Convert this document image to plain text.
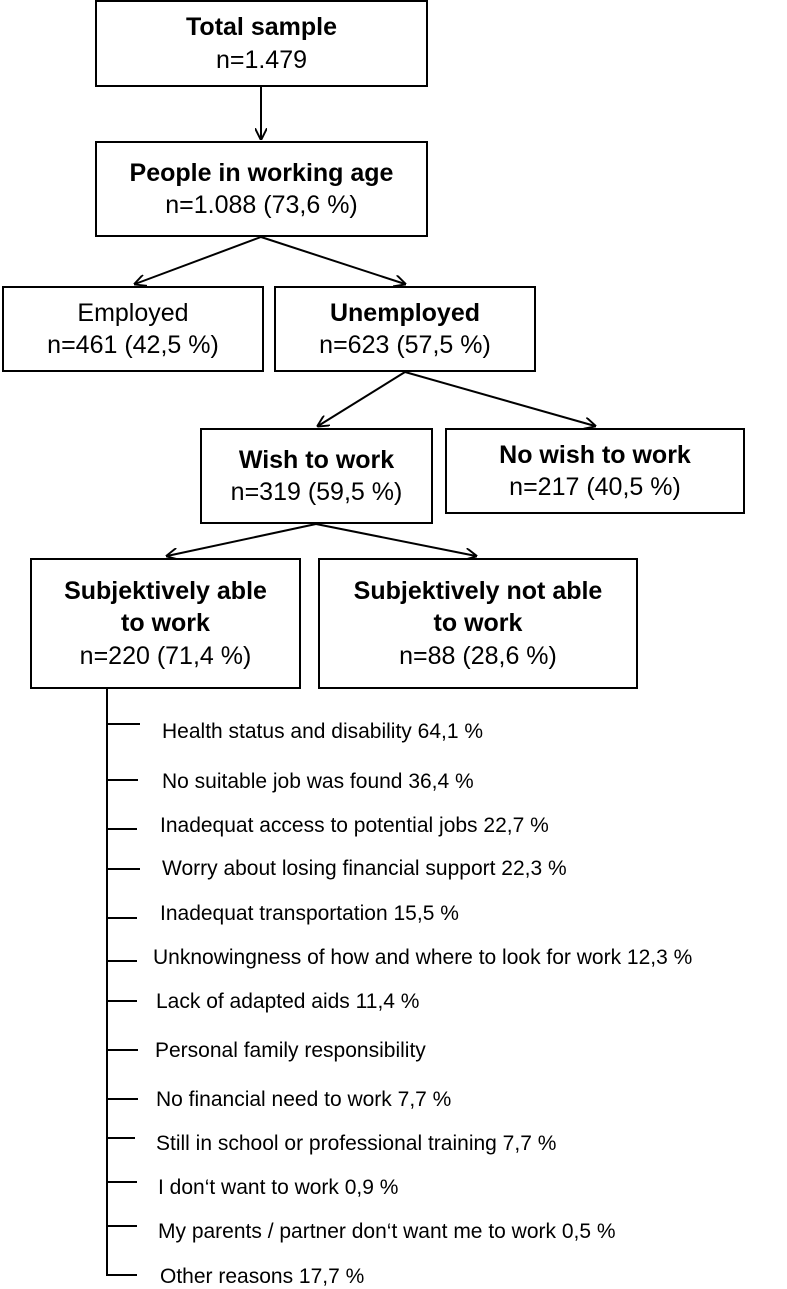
Total sample
n=1.479
People in working age
n=1.088 (73,6 %)
Employed
n=461 (42,5 %)
Unemployed
n=623 (57,5 %)
Wish to work
n=319 (59,5 %)
No wish to work
n=217 (40,5 %)
Subjektively able
to work
n=220 (71,4 %)
Subjektively not able
to work
n=88 (28,6 %)
Health status and disability 64,1 %
No suitable job was found 36,4 %
Inadequat access to potential jobs 22,7 %
Worry about losing financial support 22,3 %
Inadequat transportation 15,5 %
Unknowingness of how and where to look for work 12,3 %
Lack of adapted aids 11,4 %
Personal family responsibility
No financial need to work 7,7 %
Still in school or professional training 7,7 %
I don‘t want to work 0,9 %
My parents / partner don‘t want me to work 0,5 %
Other reasons 17,7 %
